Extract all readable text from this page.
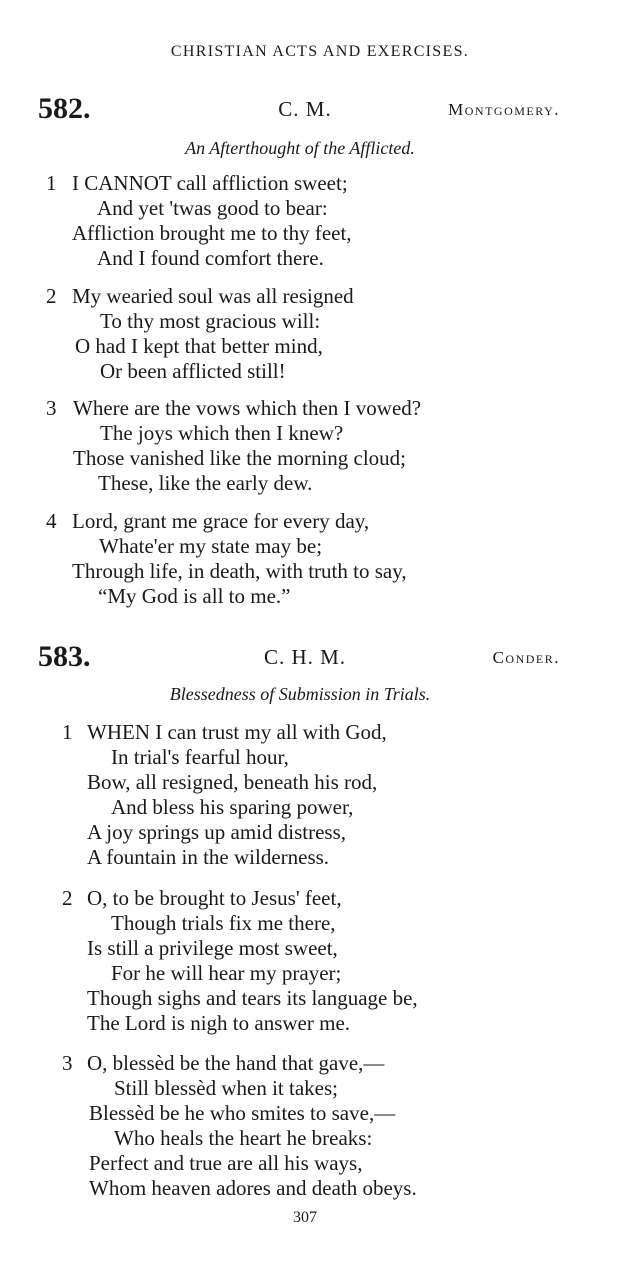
CHRISTIAN ACTS AND EXERCISES.
582.	C. M.	Montgomery.
An Afterthought of the Afflicted.
1 I CANNOT call affliction sweet;
And yet 'twas good to bear:
Affliction brought me to thy feet,
And I found comfort there.
2 My wearied soul was all resigned
To thy most gracious will:
O had I kept that better mind,
Or been afflicted still!
3 Where are the vows which then I vowed?
The joys which then I knew?
Those vanished like the morning cloud;
These, like the early dew.
4 Lord, grant me grace for every day,
Whate'er my state may be;
Through life, in death, with truth to say,
“My God is all to me.”
583.	C. H. M.	Conder.
Blessedness of Submission in Trials.
1 WHEN I can trust my all with God,
In trial's fearful hour,
Bow, all resigned, beneath his rod,
And bless his sparing power,
A joy springs up amid distress,
A fountain in the wilderness.
2 O, to be brought to Jesus' feet,
Though trials fix me there,
Is still a privilege most sweet,
For he will hear my prayer;
Though sighs and tears its language be,
The Lord is nigh to answer me.
3 O, blessèd be the hand that gave,—
Still blessèd when it takes;
Blessèd be he who smites to save,—
Who heals the heart he breaks:
Perfect and true are all his ways,
Whom heaven adores and death obeys.
307
